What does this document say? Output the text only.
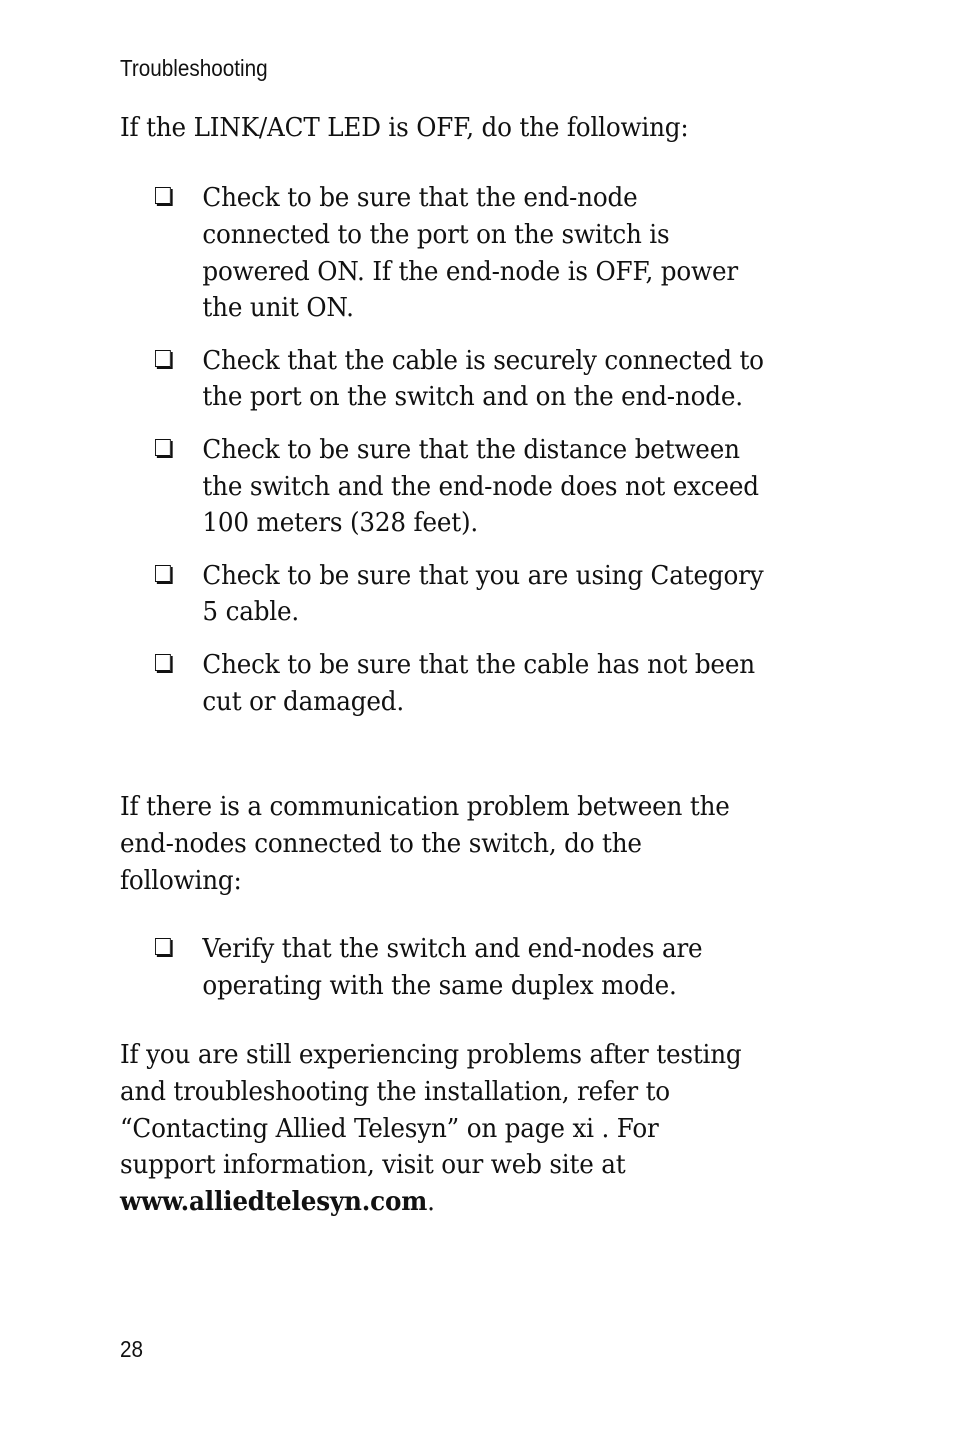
Troubleshooting
If the LINK/ACT LED is OFF, do the following:
Check to be sure that the end-node connected to the port on the switch is powered ON. If the end-node is OFF, power the unit ON.
Check that the cable is securely connected to the port on the switch and on the end-node.
Check to be sure that the distance between the switch and the end-node does not exceed 100 meters (328 feet).
Check to be sure that you are using Category 5 cable.
Check to be sure that the cable has not been cut or damaged.
If there is a communication problem between the end-nodes connected to the switch, do the following:
Verify that the switch and end-nodes are operating with the same duplex mode.
If you are still experiencing problems after testing and troubleshooting the installation, refer to “Contacting Allied Telesyn” on page xi . For support information, visit our web site at www.alliedtelesyn.com.
28
